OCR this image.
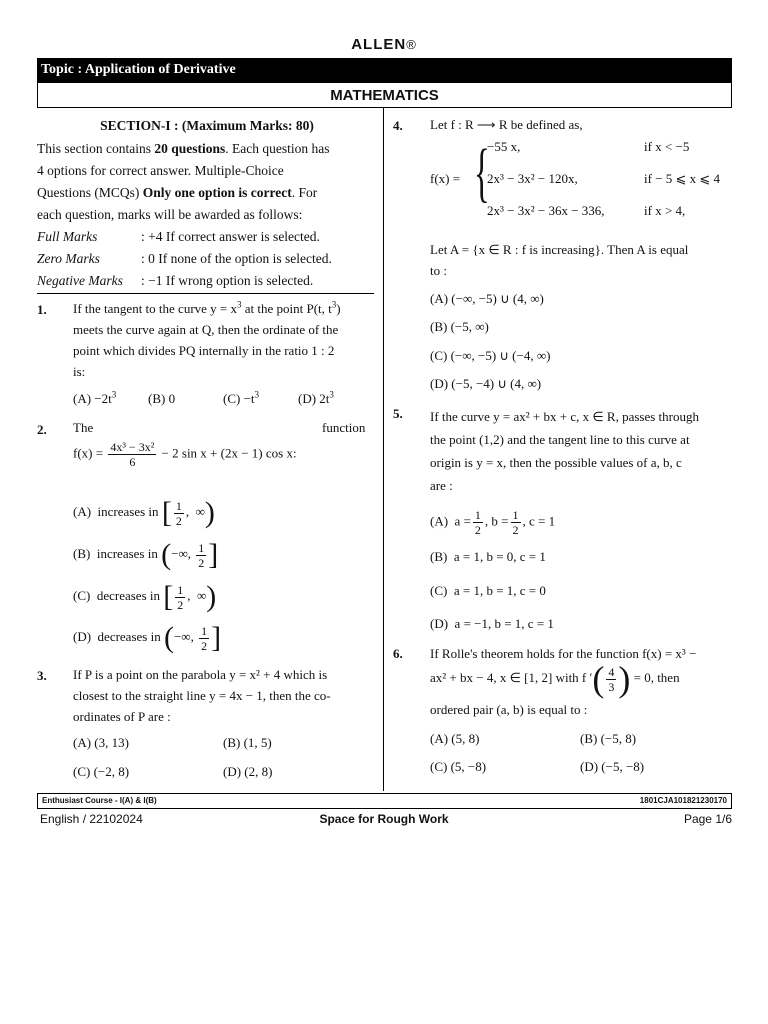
ALLEN®
Topic : Application of Derivative
MATHEMATICS
SECTION-I : (Maximum Marks: 80)
This section contains 20 questions. Each question has
4 options for correct answer. Multiple-Choice
Questions (MCQs) Only one option is correct. For
each question, marks will be awarded as follows:
Full Marks	: +4 If correct answer is selected.
Zero Marks	: 0 If none of the option is selected.
Negative Marks : −1 If wrong option is selected.
1. If the tangent to the curve $y = x^3$ at the point P(t, $t^3$)
meets the curve again at Q, then the ordinate of the
point which divides PQ internally in the ratio 1 : 2
is:
$(A) -2t^3$ (B) 0	$(C) -t^3$	(D) $2t^3$
2. The	function
$f(x) = \frac{\text{4x³ − 3x²}}{6} - 2$ sin x + (2x − 1) cos x:
(A) increases in [ $\frac{1}{2}$ , ∞)
(B) increases in (−∞, $\frac{1}{2}$ ]
(C) decreases in [ $\frac{1}{2}$ , ∞)
(D) decreases in (−∞, $\frac{1}{2}$ ]
3. If P is a point on the parabola y = x² + 4 which is
closest to the straight line y = 4x − 1, then the co-
ordinates of P are :
(A) (3, 13)	(B) (1, 5)
(C) (−2, 8)	(D) (2, 8)
4. Let f : R ⟶ R be defined as,
f(x) = {
−55 x,	if x < −5
2x³ − 3x² − 120x,	if − 5 ⩽ x ⩽ 4
2x³ − 3x² − 36x − 336,	if x > 4,
Let A = {x ∈ R : f is increasing}. Then A is equal
to :
(A) (−∞, −5) ∪ (4, ∞)
(B) (−5, ∞)
(C) (−∞, −5) ∪ (−4, ∞)
(D) (−5, −4) ∪ (4, ∞)
5. If the curve y = ax² + bx + c, x ∈ R, passes through
the point (1,2) and the tangent line to this curve at
origin is y = x, then the possible values of a, b, c
are :
(A) $a = \frac{1}{2}$ , $b = \frac{1}{2}$ , c = 1
(B) a = 1, b = 0, c = 1
(C) a = 1, b = 1, c = 0
(D) a = −1, b = 1, c = 1
6. If Rolle's theorem holds for the function f(x) = x³ −
ax² + bx − 4, x ∈ [1, 2] with f ′( $\frac{4}{3}$ ) = 0, then
ordered pair (a, b) is equal to :
(A) (5, 8)	(B) (−5, 8)
(C) (5, −8)	(D) (−5, −8)
Enthusiast Course - I(A) & I(B)	1801CJA101821230170
English / 22102024	Space for Rough Work	Page 1/6
